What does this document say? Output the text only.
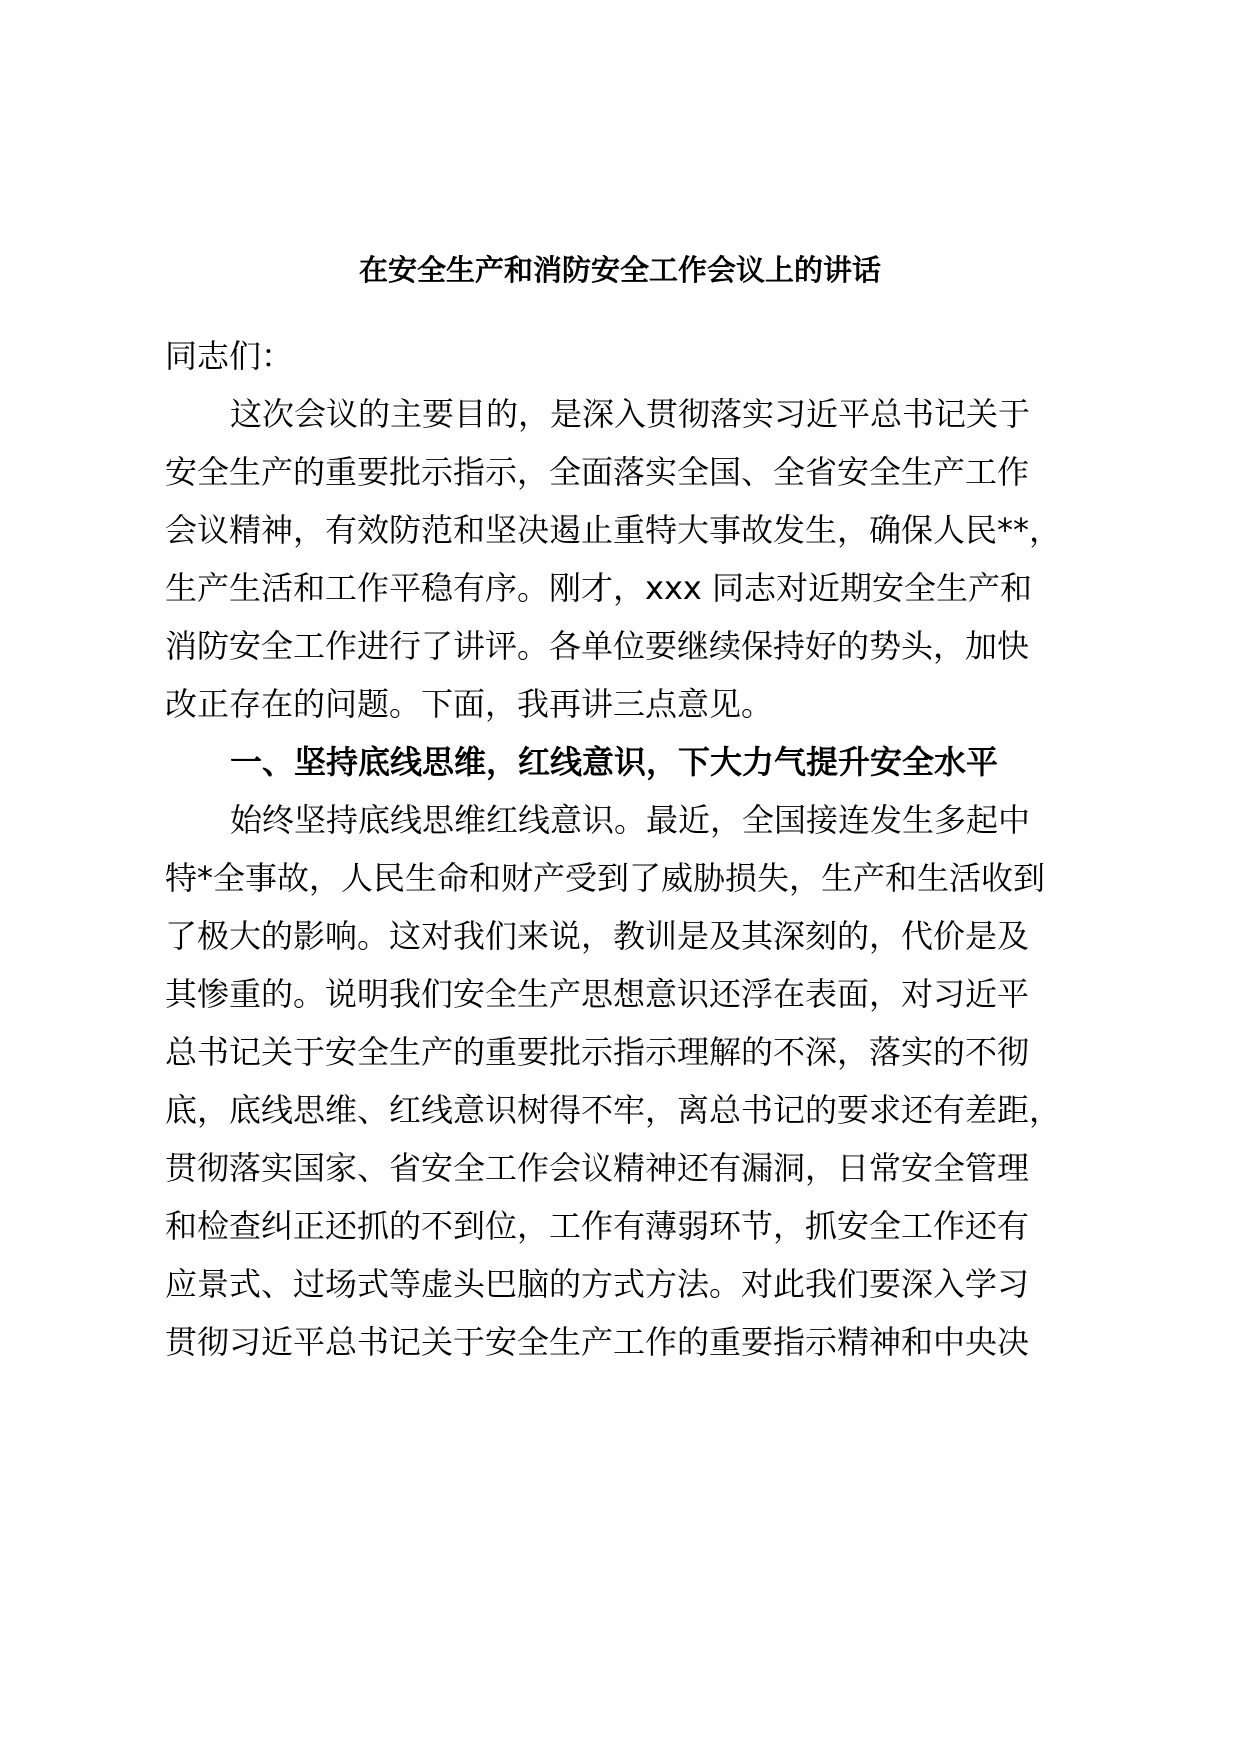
在安全生产和消防安全工作会议上的讲话
同志们：
这次会议的主要目的，是深入贯彻落实习近平总书记关于
安全生产的重要批示指示，全面落实全国、全省安全生产工作
会议精神，有效防范和坚决遏止重特大事故发生，确保人民**，
生产生活和工作平稳有序。刚才，xxx 同志对近期安全生产和
消防安全工作进行了讲评。各单位要继续保持好的势头，加快
改正存在的问题。下面，我再讲三点意见。
一、坚持底线思维，红线意识，下大力气提升安全水平
始终坚持底线思维红线意识。最近，全国接连发生多起中
特*全事故，人民生命和财产受到了威胁损失，生产和生活收到
了极大的影响。这对我们来说，教训是及其深刻的，代价是及
其惨重的。说明我们安全生产思想意识还浮在表面，对习近平
总书记关于安全生产的重要批示指示理解的不深，落实的不彻
底，底线思维、红线意识树得不牢，离总书记的要求还有差距，
贯彻落实国家、省安全工作会议精神还有漏洞，日常安全管理
和检查纠正还抓的不到位，工作有薄弱环节，抓安全工作还有
应景式、过场式等虚头巴脑的方式方法。对此我们要深入学习
贯彻习近平总书记关于安全生产工作的重要指示精神和中央决
